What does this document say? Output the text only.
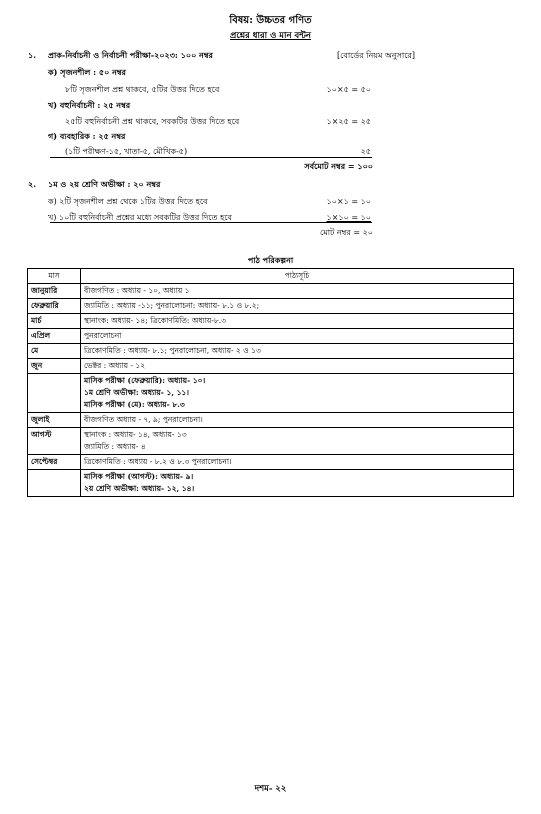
বিষয়: উচ্চতর গণিত
প্রশ্নের ধারা ও মান বন্টন
১. প্রাক-নির্বাচনী ও নির্বাচনী পরীক্ষা-২০২৩: ১০০ নম্বর	[বোর্ডের নিয়ম অনুসারে]
ক) সৃজনশীল : ৫০ নম্বর
৮টি সৃজনশীল প্রশ্ন থাকবে, ৫টির উত্তর দিতে হবে	১০×৫ = ৫০
খ) বহুনির্বাচনী : ২৫ নম্বর
২৫টি বহুনির্বাচনী প্রশ্ন থাকবে, সবকটির উত্তর দিতে হবে	১×২৫ = ২৫
গ) ব্যবহারিক : ২৫ নম্বর
(১টি পরীক্ষণ-১৫, খাতা-৫, মৌখিক-৫)	২৫
সর্বমোট নম্বর = ১০০
২. ১ম ও ২য় শ্রেণি অভীক্ষা : ২০ নম্বর
ক) ২টি সৃজনশীল প্রশ্ন থেকে ১টির উত্তর দিতে হবে	১০×১ = ১০
খ) ১০টি বহুনির্বাচনী প্রশ্নের মধ্যে সবকটির উত্তর দিতে হবে	১×১০ = ১০
মোট নম্বর = ২০
পাঠ পরিকল্পনা
মাস	পাঠ্যসূচি
জানুয়ারি	বীজগণিত : অধ্যায় - ১০, অধ্যায় ১

ফেব্রুয়ারি	জ্যামিতি : অধ্যায় -১১; পুনরালোচনা: অধ্যায়- ৮.১ ও ৮.২;

মার্চ	স্থানাংক: অধ্যায়- ১৪; ত্রিকোণমিতি: অধ্যায়-৮.৩

এপ্রিল	পুনরালোচনা

মে	ত্রিকোণমিতি : অধ্যায়- ৮.১; পুনরালোচনা, অধ্যায়- ২ ও ১৩

জুন	ভেক্টর : অধ্যায় - ১২

	মাসিক পরীক্ষা (ফেব্রুয়ারি): অধ্যায়- ১০।
১ম শ্রেণি অভীক্ষা: অধ্যায়- ১, ১১।
মাসিক পরীক্ষা (মে): অধ্যায়- ৮.৩

জুলাই	বীজগণিত অধ্যায় - ৭, ৯; পুনরালোচনা।

আগস্ট	স্থানাংক : অধ্যায়- ১৪, অধ্যায়- ১৩
জ্যামিতি : অধ্যায়- ৪

সেপ্টেম্বর	ত্রিকোণমিতি : অধ্যায় - ৮.২ ও ৮.৩ পুনরালোচনা।

	মাসিক পরীক্ষা (আগস্ট): অধ্যায়- ৯।
২য় শ্রেণি অভীক্ষা: অধ্যায়- ১২, ১৪।
দশম- ২২
